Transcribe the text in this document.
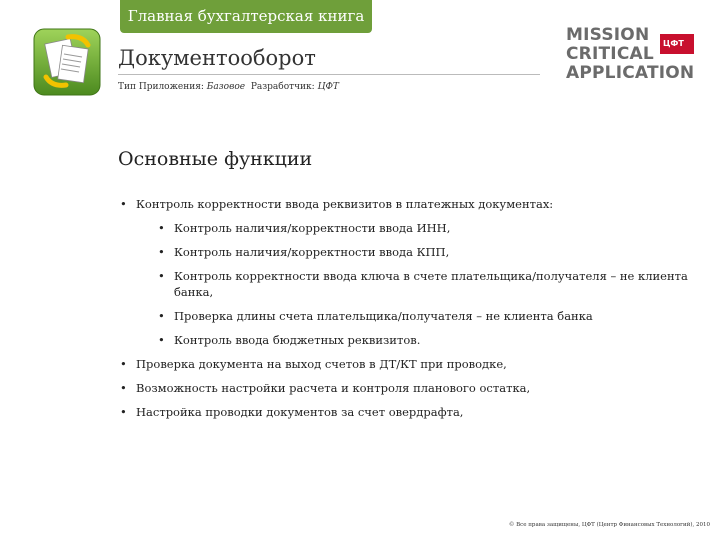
Главная бухгалтерская книга
Документооборот
Тип Приложения: Базовое Разработчик: ЦФТ
MISSION
CRITICAL
APPLICATION
ЦФТ
Основные функции
• Контроль корректности ввода реквизитов в платежных документах:
• Контроль наличия/корректности ввода ИНН,
• Контроль наличия/корректности ввода КПП,
• Контроль корректности ввода ключа в счете плательщика/получателя – не клиента банка,
• Проверка длины счета плательщика/получателя – не клиента банка
• Контроль ввода бюджетных реквизитов.
• Проверка документа на выход счетов в ДТ/КТ при проводке,
• Возможность настройки расчета и контроля планового остатка,
• Настройка проводки документов за счет овердрафта,
© Все права защищены, ЦФТ (Центр Финансовых Технологий), 2010
